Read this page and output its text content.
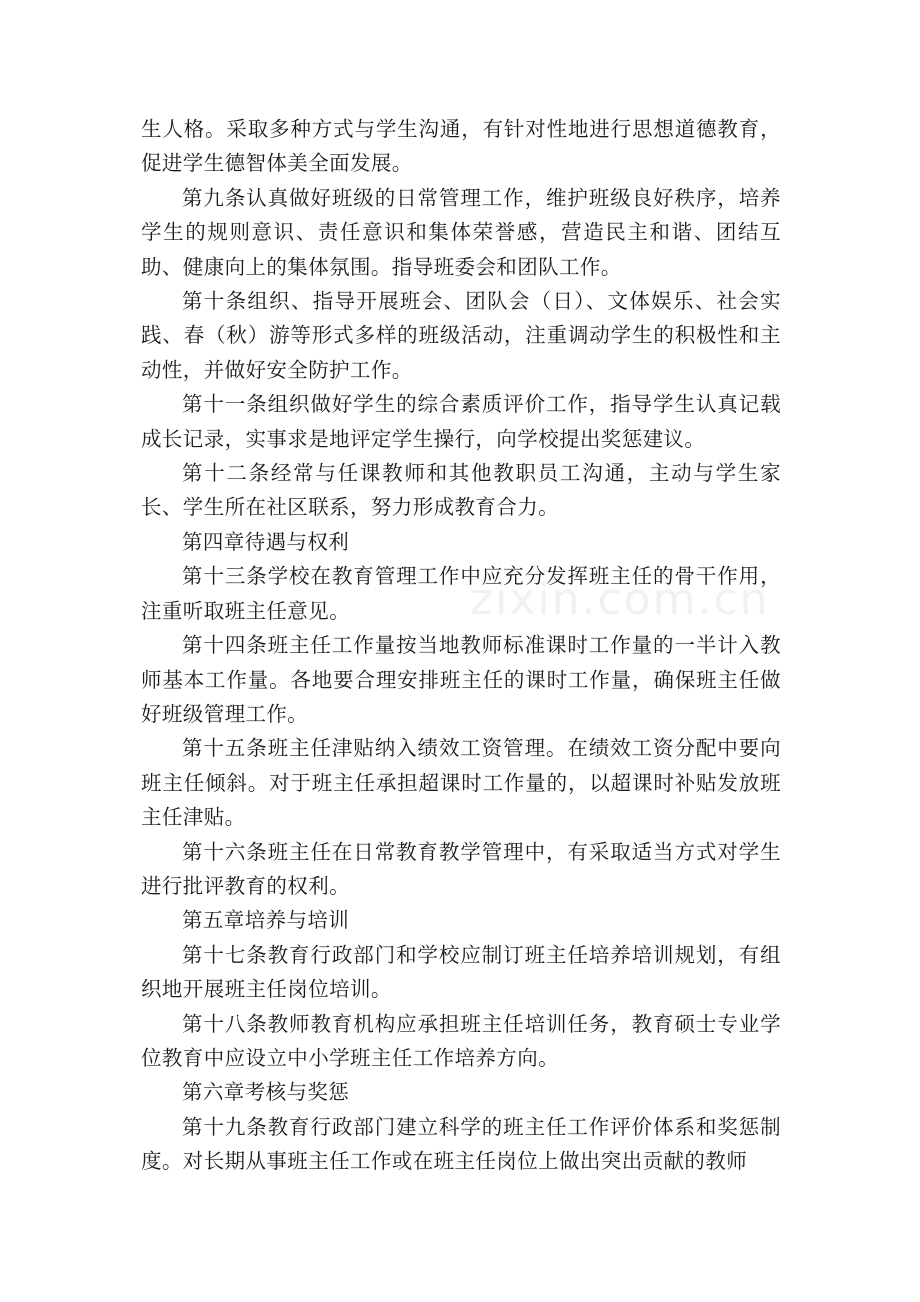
zixin.com.cn

生人格。采取多种方式与学生沟通，有针对性地进行思想道德教育，促进学生德智体美全面发展。

第九条认真做好班级的日常管理工作，维护班级良好秩序，培养学生的规则意识、责任意识和集体荣誉感，营造民主和谐、团结互助、健康向上的集体氛围。指导班委会和团队工作。

第十条组织、指导开展班会、团队会（日）、文体娱乐、社会实践、春（秋）游等形式多样的班级活动，注重调动学生的积极性和主动性，并做好安全防护工作。

第十一条组织做好学生的综合素质评价工作，指导学生认真记载成长记录，实事求是地评定学生操行，向学校提出奖惩建议。

第十二条经常与任课教师和其他教职员工沟通，主动与学生家长、学生所在社区联系，努力形成教育合力。

第四章待遇与权利

第十三条学校在教育管理工作中应充分发挥班主任的骨干作用，注重听取班主任意见。

第十四条班主任工作量按当地教师标准课时工作量的一半计入教师基本工作量。各地要合理安排班主任的课时工作量，确保班主任做好班级管理工作。

第十五条班主任津贴纳入绩效工资管理。在绩效工资分配中要向班主任倾斜。对于班主任承担超课时工作量的，以超课时补贴发放班主任津贴。

第十六条班主任在日常教育教学管理中，有采取适当方式对学生进行批评教育的权利。

第五章培养与培训

第十七条教育行政部门和学校应制订班主任培养培训规划，有组织地开展班主任岗位培训。

第十八条教师教育机构应承担班主任培训任务，教育硕士专业学位教育中应设立中小学班主任工作培养方向。

第六章考核与奖惩

第十九条教育行政部门建立科学的班主任工作评价体系和奖惩制度。对长期从事班主任工作或在班主任岗位上做出突出贡献的教师
